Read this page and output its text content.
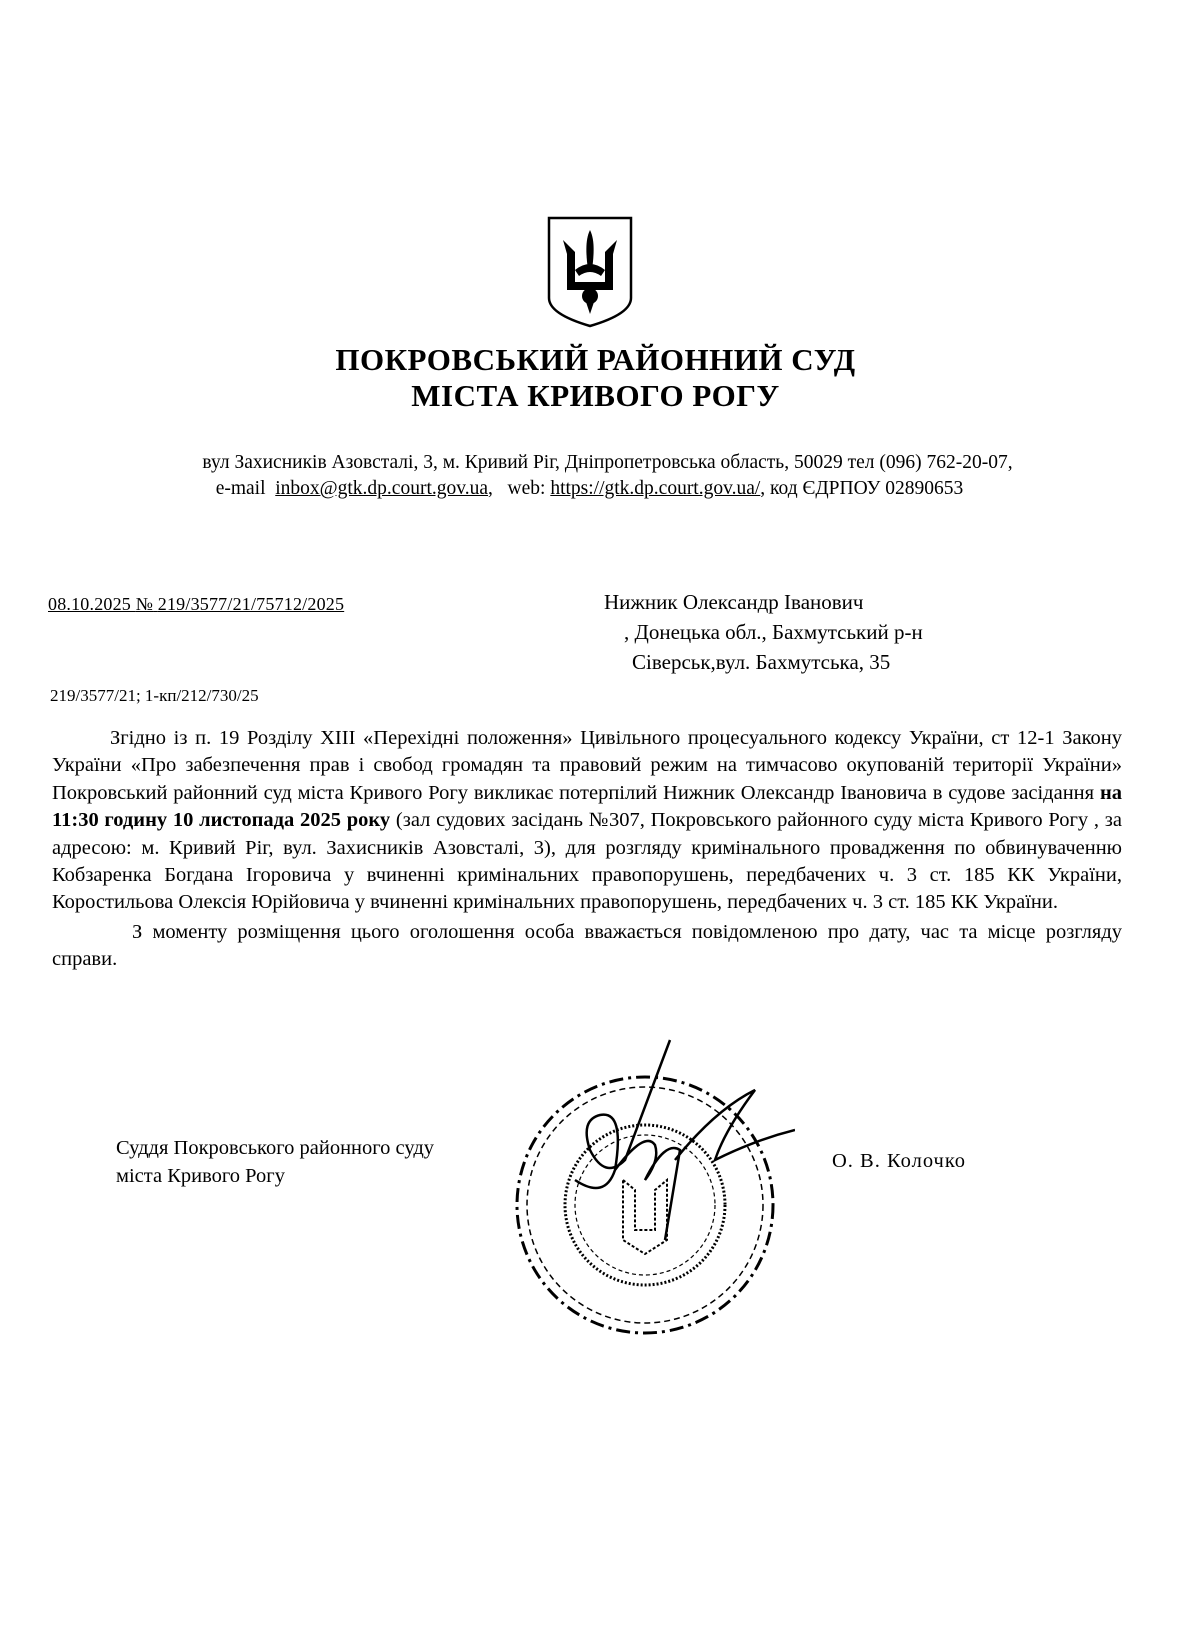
ПОКРОВСЬКИЙ РАЙОННИЙ СУД
МІСТА КРИВОГО РОГУ
вул Захисників Азовсталі, 3, м. Кривий Ріг, Дніпропетровська область, 50029 тел (096) 762-20-07,
e-mail inbox@gtk.dp.court.gov.ua,   web: https://gtk.dp.court.gov.ua/, код ЄДРПОУ 02890653
08.10.2025 № 219/3577/21/75712/2025	Нижник Олександр Іванович
, Донецька обл., Бахмутський р-н
Сіверськ,вул. Бахмутська, 35
219/3577/21; 1-кп/212/730/25

Згідно із п. 19 Розділу XIII «Перехідні положення» Цивільного процесуального кодексу України, ст 12-1 Закону України «Про забезпечення прав і свобод громадян та правовий режим на тимчасово окупованій території України» Покровський районний суд міста Кривого Рогу викликає потерпілий Нижник Олександр Івановича в судове засідання на 11:30 годину 10 листопада 2025 року (зал судових засідань №307, Покровського районного суду міста Кривого Рогу , за адресою: м. Кривий Ріг, вул. Захисників Азовсталі, 3), для розгляду кримінального провадження по обвинуваченню Кобзаренка Богдана Ігоровича у вчиненні кримінальних правопорушень, передбачених ч. 3 ст. 185 КК України, Коростильова Олексія Юрійовича у вчиненні кримінальних правопорушень, передбачених ч. 3 ст. 185 КК України.

З моменту розміщення цього оголошення особа вважається повідомленою про дату, час та місце розгляду справи.

Суддя Покровського районного суду
міста Кривого Рогу
О. В. Колочко
